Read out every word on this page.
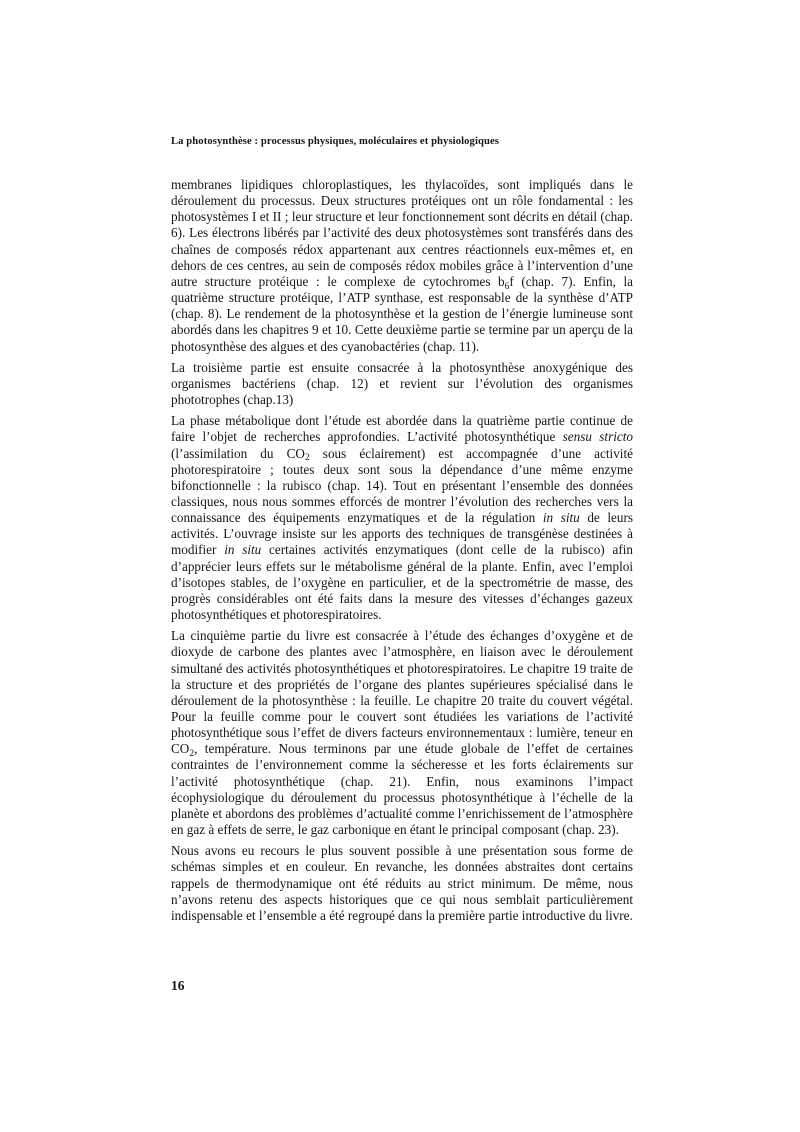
La photosynthèse : processus physiques, moléculaires et physiologiques

membranes lipidiques chloroplastiques, les thylacoïdes, sont impliqués dans le déroulement du processus. Deux structures protéiques ont un rôle fondamental : les photosystèmes I et II ; leur structure et leur fonctionnement sont décrits en détail (chap. 6). Les électrons libérés par l’activité des deux photosystèmes sont transférés dans des chaînes de composés rédox appartenant aux centres réactionnels eux-mêmes et, en dehors de ces centres, au sein de composés rédox mobiles grâce à l’intervention d’une autre structure protéique : le complexe de cytochromes $b_6f$ (chap. 7). Enfin, la quatrième structure protéique, l’ATP synthase, est responsable de la synthèse d’ATP (chap. 8). Le rendement de la photosynthèse et la gestion de l’énergie lumineuse sont abordés dans les chapitres 9 et 10. Cette deuxième partie se termine par un aperçu de la photosynthèse des algues et des cyanobactéries (chap. 11).

La troisième partie est ensuite consacrée à la photosynthèse anoxygénique des organismes bactériens (chap. 12) et revient sur l’évolution des organismes phototrophes (chap.13)

La phase métabolique dont l’étude est abordée dans la quatrième partie continue de faire l’objet de recherches approfondies. L’activité photosynthétique sensu stricto (l’assimilation du $CO_2$ sous éclairement) est accompagnée d’une activité photorespiratoire ; toutes deux sont sous la dépendance d’une même enzyme bifonctionnelle : la rubisco (chap. 14). Tout en présentant l’ensemble des données classiques, nous nous sommes efforcés de montrer l’évolution des recherches vers la connaissance des équipements enzymatiques et de la régulation in situ de leurs activités. L’ouvrage insiste sur les apports des techniques de transgénèse destinées à modifier in situ certaines activités enzymatiques (dont celle de la rubisco) afin d’apprécier leurs effets sur le métabolisme général de la plante. Enfin, avec l’emploi d’isotopes stables, de l’oxygène en particulier, et de la spectrométrie de masse, des progrès considérables ont été faits dans la mesure des vitesses d’échanges gazeux photosynthétiques et photorespiratoires.

La cinquième partie du livre est consacrée à l’étude des échanges d’oxygène et de dioxyde de carbone des plantes avec l’atmosphère, en liaison avec le déroulement simultané des activités photosynthétiques et photorespiratoires. Le chapitre 19 traite de la structure et des propriétés de l’organe des plantes supérieures spécialisé dans le déroulement de la photosynthèse : la feuille. Le chapitre 20 traite du couvert végétal. Pour la feuille comme pour le couvert sont étudiées les variations de l’activité photosynthétique sous l’effet de divers facteurs environnementaux : lumière, teneur en $CO_2$, température. Nous terminons par une étude globale de l’effet de certaines contraintes de l’environnement comme la sécheresse et les forts éclairements sur l’activité photosynthétique (chap. 21). Enfin, nous examinons l’impact écophysiologique du déroulement du processus photosynthétique à l’échelle de la planète et abordons des problèmes d’actualité comme l’enrichissement de l’atmosphère en gaz à effets de serre, le gaz carbonique en étant le principal composant (chap. 23).

Nous avons eu recours le plus souvent possible à une présentation sous forme de schémas simples et en couleur. En revanche, les données abstraites dont certains rappels de thermodynamique ont été réduits au strict minimum. De même, nous n’avons retenu des aspects historiques que ce qui nous semblait particulièrement indispensable et l’ensemble a été regroupé dans la première partie introductive du livre.

16
